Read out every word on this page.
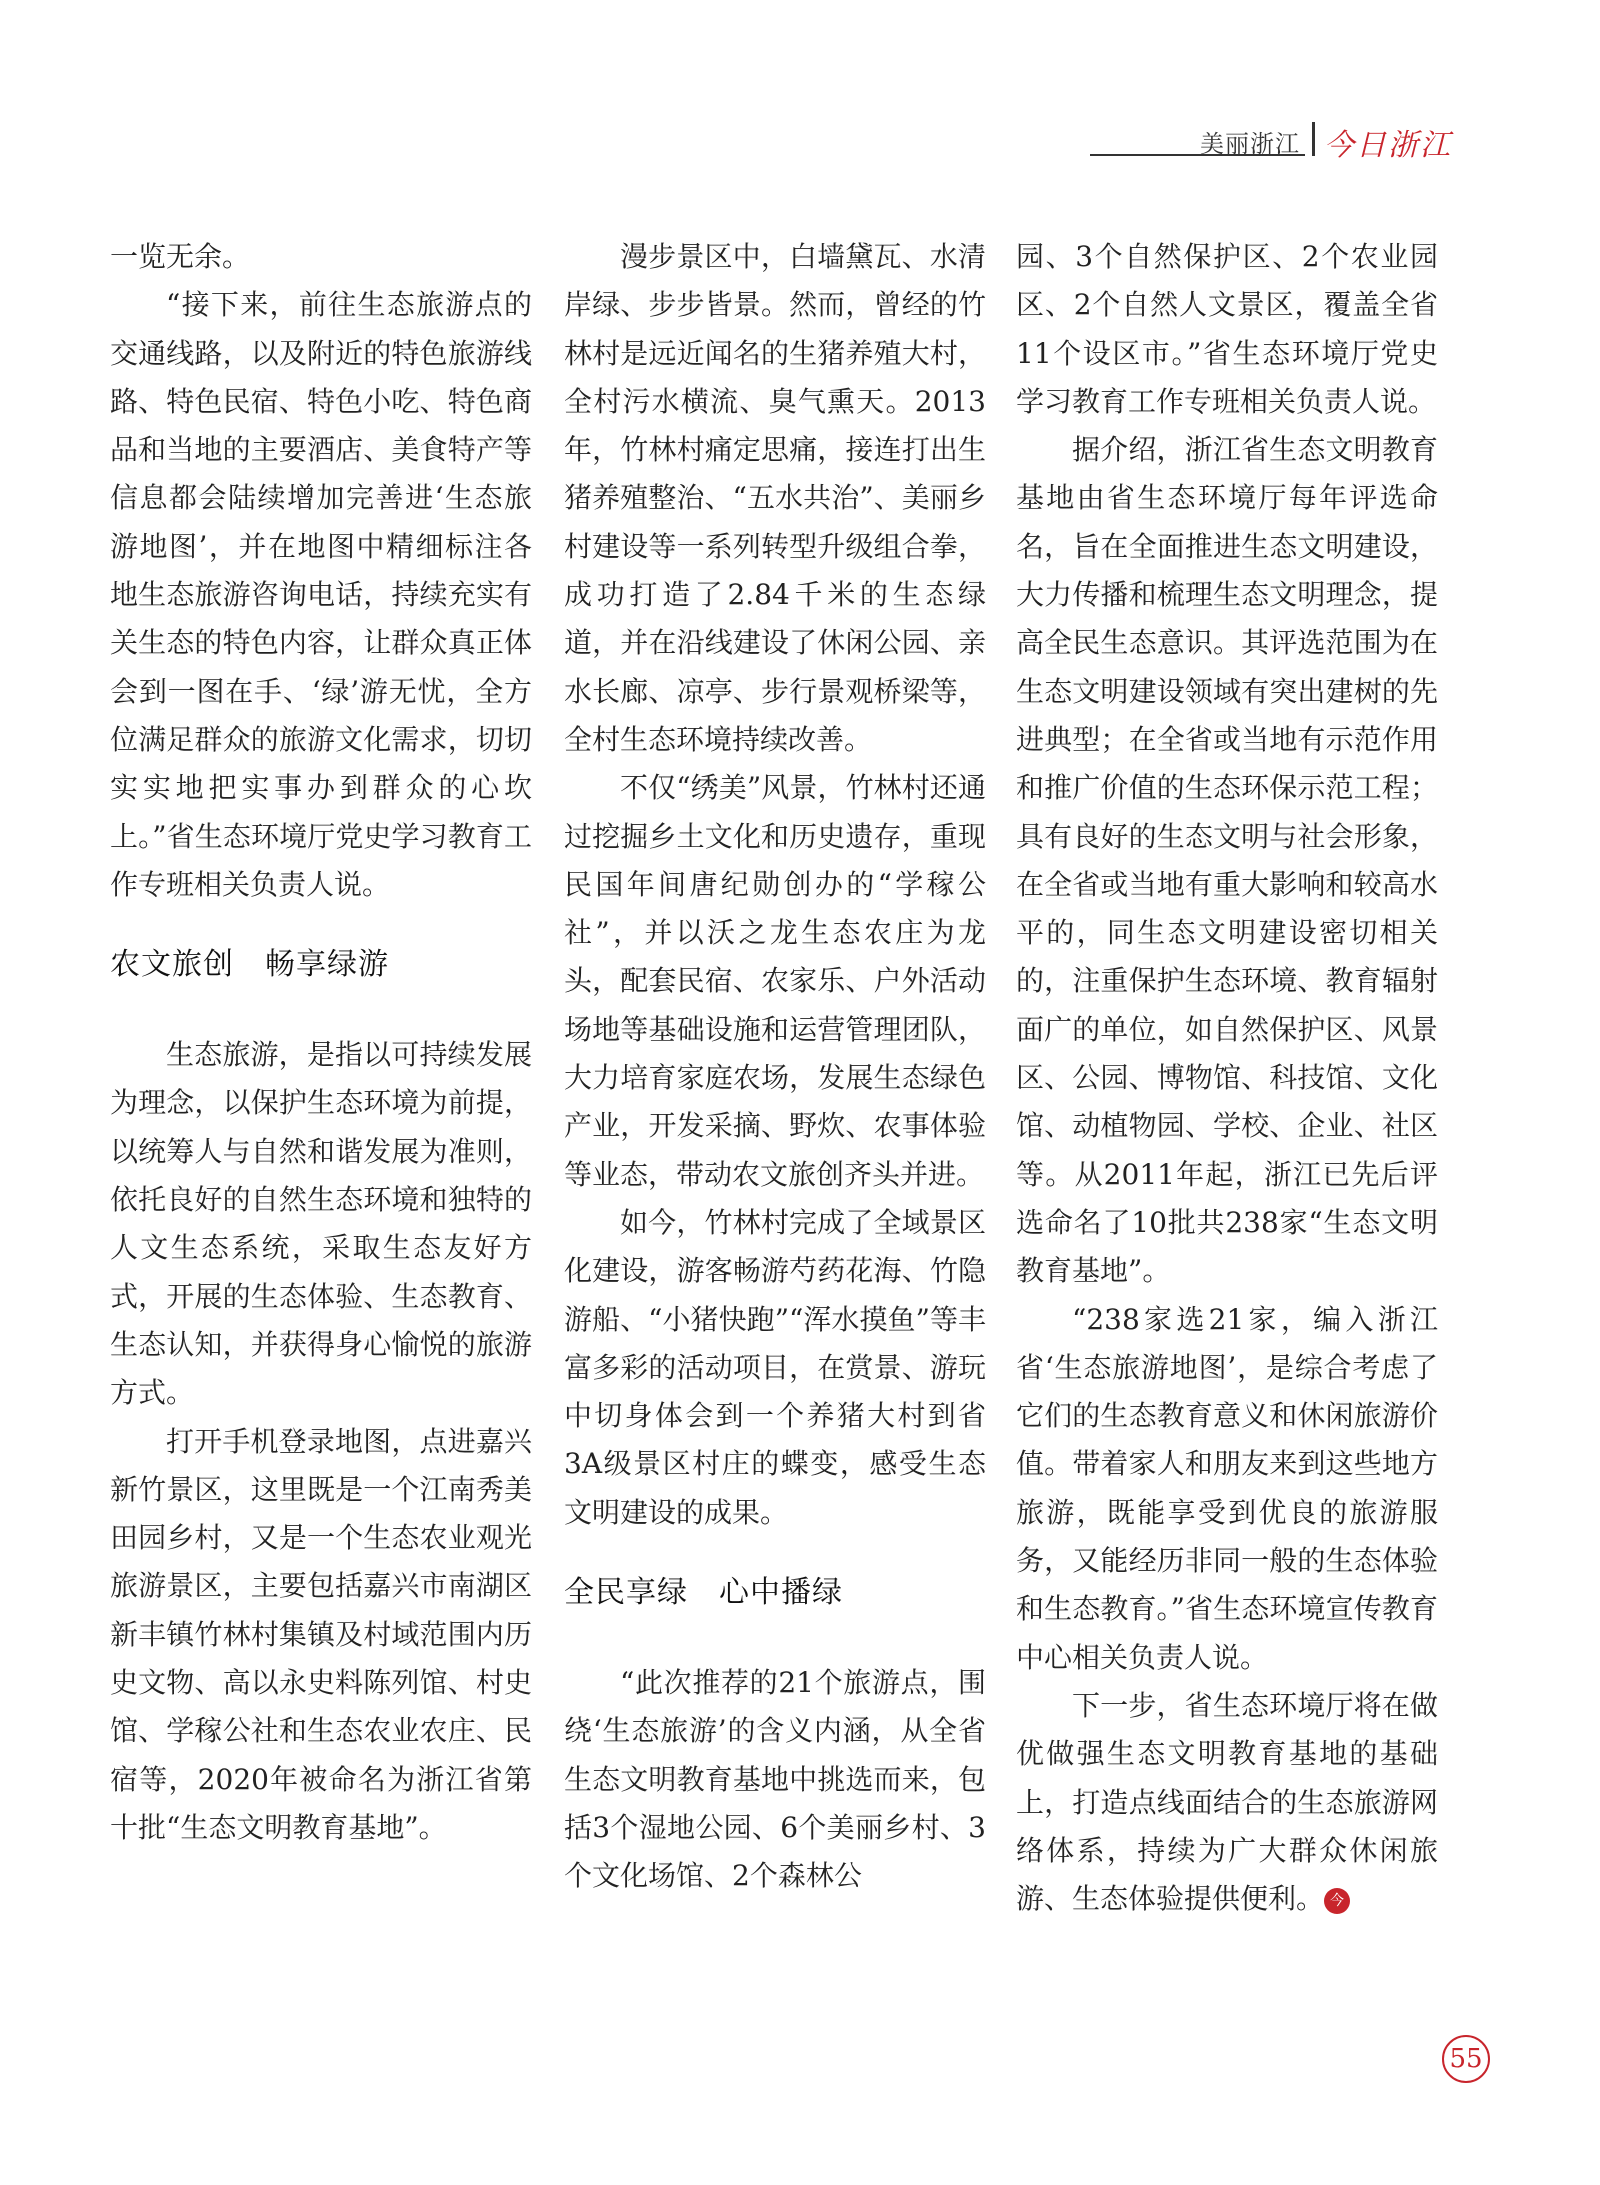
美丽浙江 今日浙江

一览无余。

“接下来，前往生态旅游点的交通线路，以及附近的特色旅游线路、特色民宿、特色小吃、特色商品和当地的主要酒店、美食特产等信息都会陆续增加完善进‘生态旅游地图’，并在地图中精细标注各地生态旅游咨询电话，持续充实有关生态的特色内容，让群众真正体会到一图在手、‘绿’游无忧，全方位满足群众的旅游文化需求，切切实实地把实事办到群众的心坎上。”省生态环境厅党史学习教育工作专班相关负责人说。

农文旅创　畅享绿游

生态旅游，是指以可持续发展为理念，以保护生态环境为前提，以统筹人与自然和谐发展为准则，依托良好的自然生态环境和独特的人文生态系统，采取生态友好方式，开展的生态体验、生态教育、生态认知，并获得身心愉悦的旅游方式。

打开手机登录地图，点进嘉兴新竹景区，这里既是一个江南秀美田园乡村，又是一个生态农业观光旅游景区，主要包括嘉兴市南湖区新丰镇竹林村集镇及村域范围内历史文物、高以永史料陈列馆、村史馆、学稼公社和生态农业农庄、民宿等，2020年被命名为浙江省第十批“生态文明教育基地”。

漫步景区中，白墙黛瓦、水清岸绿、步步皆景。然而，曾经的竹林村是远近闻名的生猪养殖大村，全村污水横流、臭气熏天。2013年，竹林村痛定思痛，接连打出生猪养殖整治、“五水共治”、美丽乡村建设等一系列转型升级组合拳，成功打造了2.84千米的生态绿道，并在沿线建设了休闲公园、亲水长廊、凉亭、步行景观桥梁等，全村生态环境持续改善。

不仅“绣美”风景，竹林村还通过挖掘乡土文化和历史遗存，重现民国年间唐纪勋创办的“学稼公社”，并以沃之龙生态农庄为龙头，配套民宿、农家乐、户外活动场地等基础设施和运营管理团队，大力培育家庭农场，发展生态绿色产业，开发采摘、野炊、农事体验等业态，带动农文旅创齐头并进。

如今，竹林村完成了全域景区化建设，游客畅游芍药花海、竹隐游船、“小猪快跑”“浑水摸鱼”等丰富多彩的活动项目，在赏景、游玩中切身体会到一个养猪大村到省3A级景区村庄的蝶变，感受生态文明建设的成果。

全民享绿　心中播绿

“此次推荐的21个旅游点，围绕‘生态旅游’的含义内涵，从全省生态文明教育基地中挑选而来，包括3个湿地公园、6个美丽乡村、3个文化场馆、2个森林公

园、3个自然保护区、2个农业园区、2个自然人文景区，覆盖全省11个设区市。”省生态环境厅党史学习教育工作专班相关负责人说。

据介绍，浙江省生态文明教育基地由省生态环境厅每年评选命名，旨在全面推进生态文明建设，大力传播和梳理生态文明理念，提高全民生态意识。其评选范围为在生态文明建设领域有突出建树的先进典型；在全省或当地有示范作用和推广价值的生态环保示范工程；具有良好的生态文明与社会形象，在全省或当地有重大影响和较高水平的，同生态文明建设密切相关的，注重保护生态环境、教育辐射面广的单位，如自然保护区、风景区、公园、博物馆、科技馆、文化馆、动植物园、学校、企业、社区等。从2011年起，浙江已先后评选命名了10批共238家“生态文明教育基地”。

“238家选21家，编入浙江省‘生态旅游地图’，是综合考虑了它们的生态教育意义和休闲旅游价值。带着家人和朋友来到这些地方旅游，既能享受到优良的旅游服务，又能经历非同一般的生态体验和生态教育。”省生态环境宣传教育中心相关负责人说。

下一步，省生态环境厅将在做优做强生态文明教育基地的基础上，打造点线面结合的生态旅游网络体系，持续为广大群众休闲旅游、生态体验提供便利。 今

55
